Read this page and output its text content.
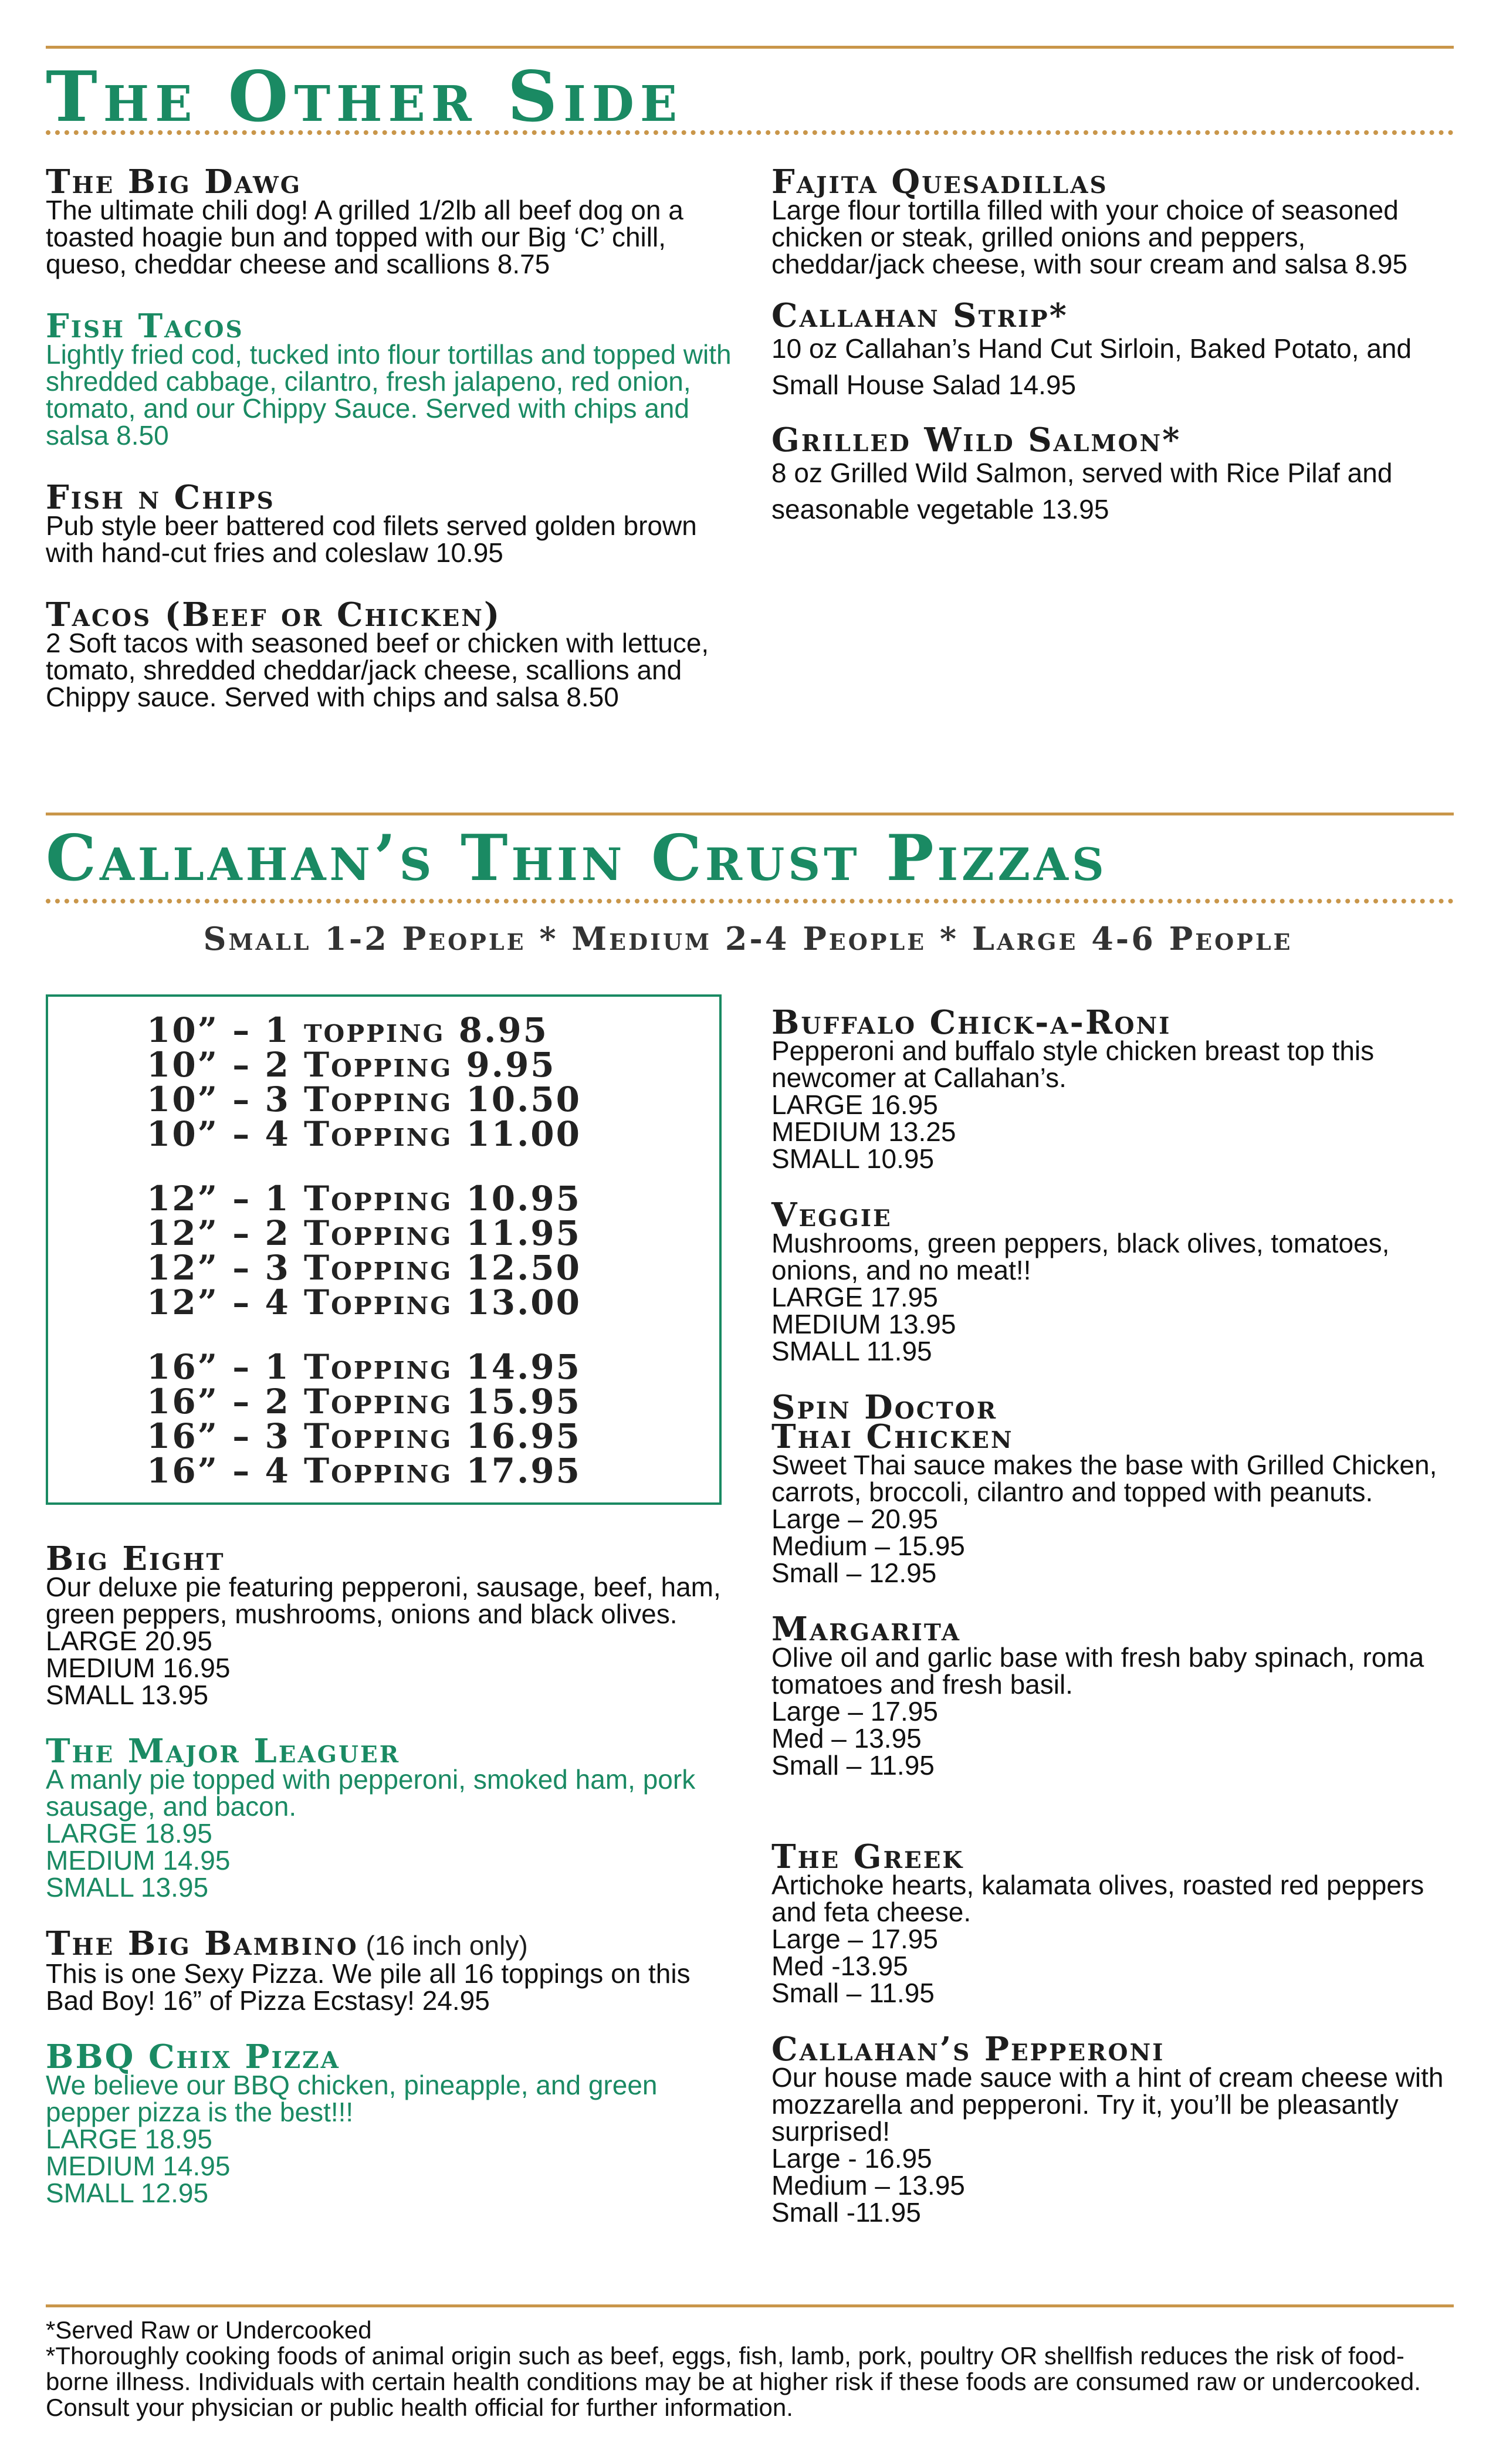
The Other Side

The Big Dawg

The ultimate chili dog! A grilled 1/2lb all beef dog on a toasted hoagie bun and topped with our Big ‘C’ chill, queso, cheddar cheese and scallions 8.75

Fish Tacos

Lightly fried cod, tucked into flour tortillas and topped with shredded cabbage, cilantro, fresh jalapeno, red onion, tomato, and our Chippy Sauce. Served with chips and salsa 8.50

Fish n Chips

Pub style beer battered cod filets served golden brown with hand-cut fries and coleslaw 10.95

Tacos (Beef or Chicken)

2 Soft tacos with seasoned beef or chicken with lettuce, tomato, shredded cheddar/jack cheese, scallions and Chippy sauce. Served with chips and salsa 8.50

Fajita Quesadillas

Large flour tortilla filled with your choice of seasoned chicken or steak, grilled onions and peppers, cheddar/jack cheese, with sour cream and salsa 8.95

Callahan Strip*

10 oz Callahan’s Hand Cut Sirloin, Baked Potato, and Small House Salad 14.95

Grilled Wild Salmon*

8 oz Grilled Wild Salmon, served with Rice Pilaf and seasonable vegetable 13.95

Callahan’s Thin Crust Pizzas
Small 1-2 People * Medium 2-4 People * Large 4-6 People
10” – 1 topping 8.95
10” – 2 Topping 9.95
10” – 3 Topping 10.50
10” – 4 Topping 11.00
12” – 1 Topping 10.95
12” – 2 Topping 11.95
12” – 3 Topping 12.50
12” – 4 Topping 13.00
16” – 1 Topping 14.95
16” – 2 Topping 15.95
16” – 3 Topping 16.95
16” – 4 Topping 17.95

Big Eight

Our deluxe pie featuring pepperoni, sausage, beef, ham, green peppers, mushrooms, onions and black olives.

LARGE 20.95
MEDIUM 16.95
SMALL 13.95

The Major Leaguer

A manly pie topped with pepperoni, smoked ham, pork sausage, and bacon.

LARGE 18.95
MEDIUM 14.95
SMALL 13.95

The Big Bambino (16 inch only)

This is one Sexy Pizza. We pile all 16 toppings on this Bad Boy! 16” of Pizza Ecstasy! 24.95

BBQ Chix Pizza

We believe our BBQ chicken, pineapple, and green pepper pizza is the best!!!

LARGE 18.95
MEDIUM 14.95
SMALL 12.95

Buffalo Chick-a-Roni

Pepperoni and buffalo style chicken breast top this newcomer at Callahan’s.

LARGE 16.95
MEDIUM 13.25
SMALL 10.95

Veggie

Mushrooms, green peppers, black olives, tomatoes, onions, and no meat!!

LARGE 17.95
MEDIUM 13.95
SMALL 11.95

Spin Doctor

Thai Chicken

Sweet Thai sauce makes the base with Grilled Chicken, carrots, broccoli, cilantro and topped with peanuts.

Large – 20.95
Medium – 15.95
Small – 12.95

Margarita

Olive oil and garlic base with fresh baby spinach, roma tomatoes and fresh basil.

Large – 17.95
Med – 13.95
Small – 11.95

The Greek

Artichoke hearts, kalamata olives, roasted red peppers and feta cheese.

Large – 17.95
Med -13.95
Small – 11.95

Callahan’s Pepperoni

Our house made sauce with a hint of cream cheese with mozzarella and pepperoni. Try it, you’ll be pleasantly surprised!

Large - 16.95
Medium – 13.95
Small -11.95

*Served Raw or Undercooked

*Thoroughly cooking foods of animal origin such as beef, eggs, fish, lamb, pork, poultry OR shellfish reduces the risk of food-borne illness. Individuals with certain health conditions may be at higher risk if these foods are consumed raw or undercooked. Consult your physician or public health official for further information.
